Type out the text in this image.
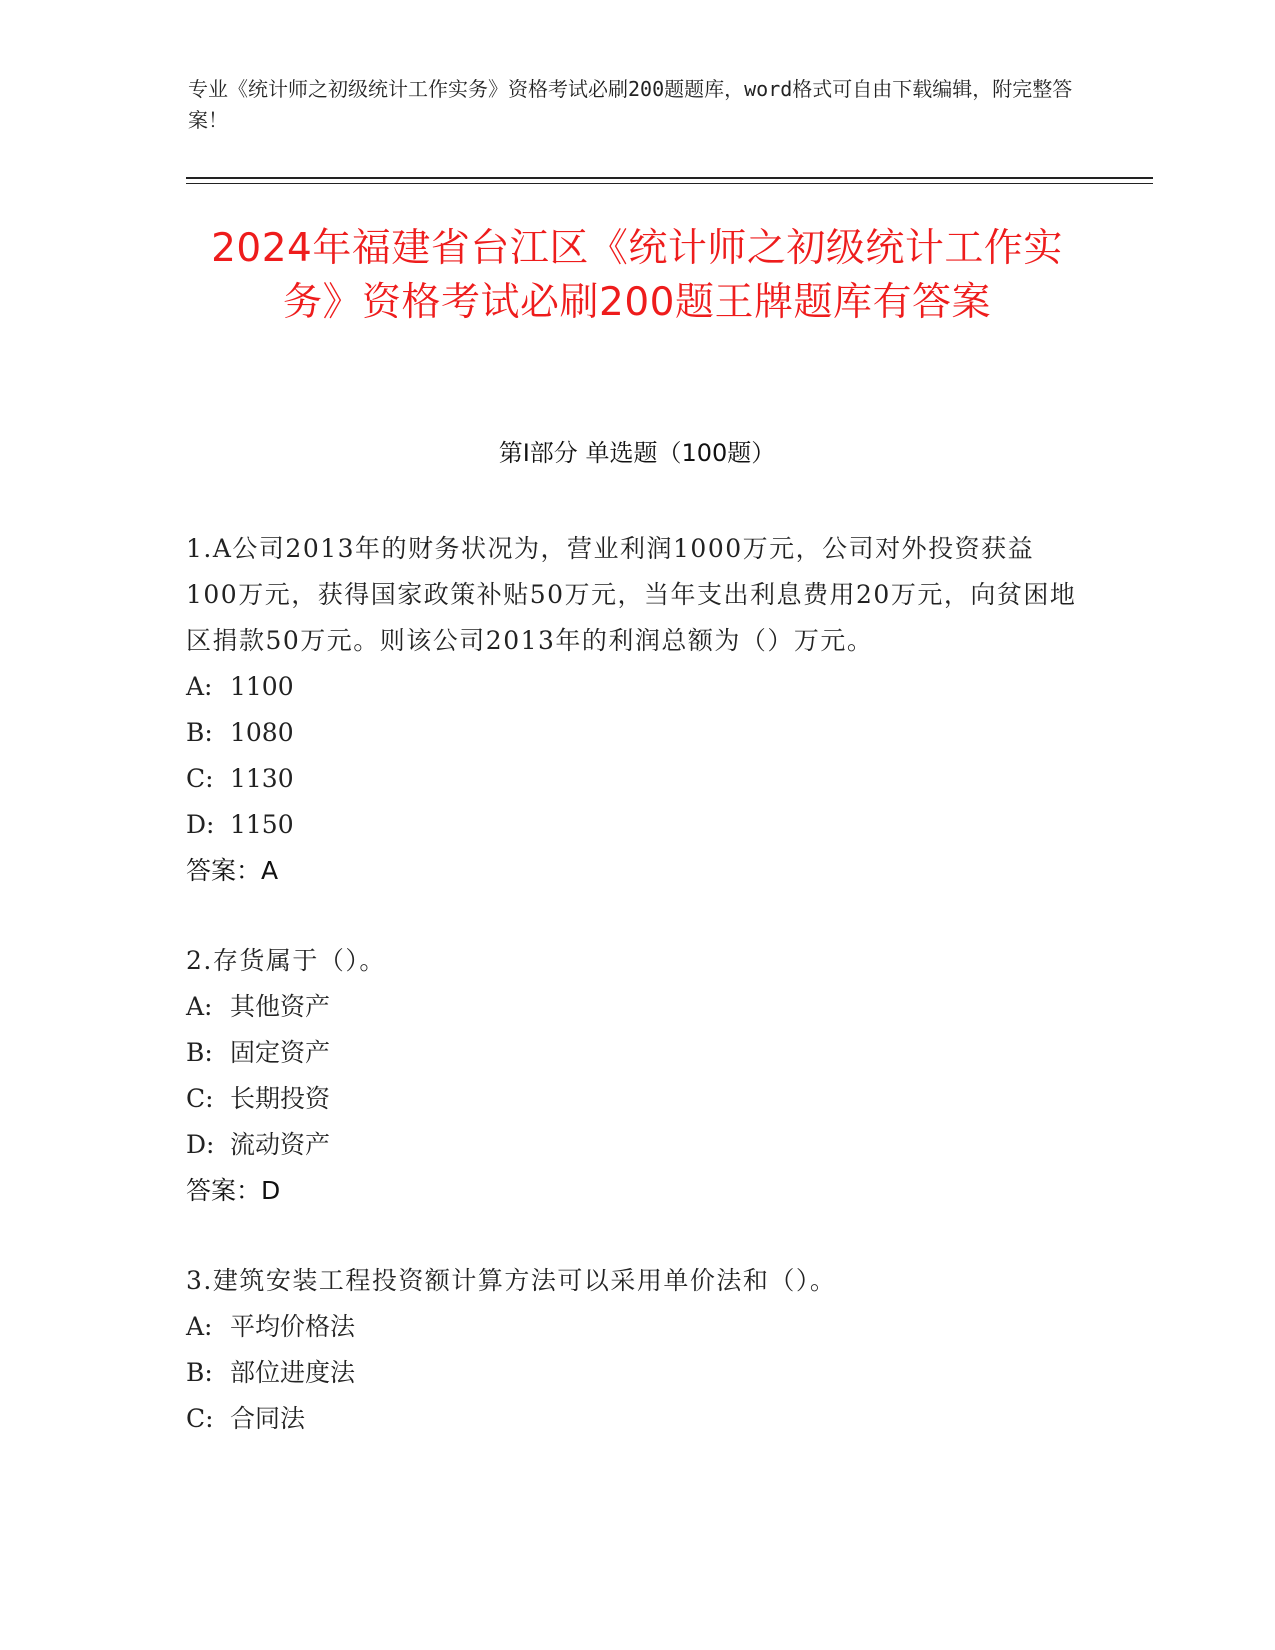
专业《统计师之初级统计工作实务》资格考试必刷200题题库，word格式可自由下载编辑，附完整答案！
2024年福建省台江区《统计师之初级统计工作实务》资格考试必刷200题王牌题库有答案
第I部分 单选题（100题）
1.A公司2013年的财务状况为，营业利润1000万元，公司对外投资获益100万元，获得国家政策补贴50万元，当年支出利息费用20万元，向贫困地区捐款50万元。则该公司2013年的利润总额为（）万元。
A: 1100
B: 1080
C: 1130
D: 1150
答案：A
2.存货属于（）。
A: 其他资产
B: 固定资产
C: 长期投资
D: 流动资产
答案：D
3.建筑安装工程投资额计算方法可以采用单价法和（）。
A: 平均价格法
B: 部位进度法
C: 合同法
